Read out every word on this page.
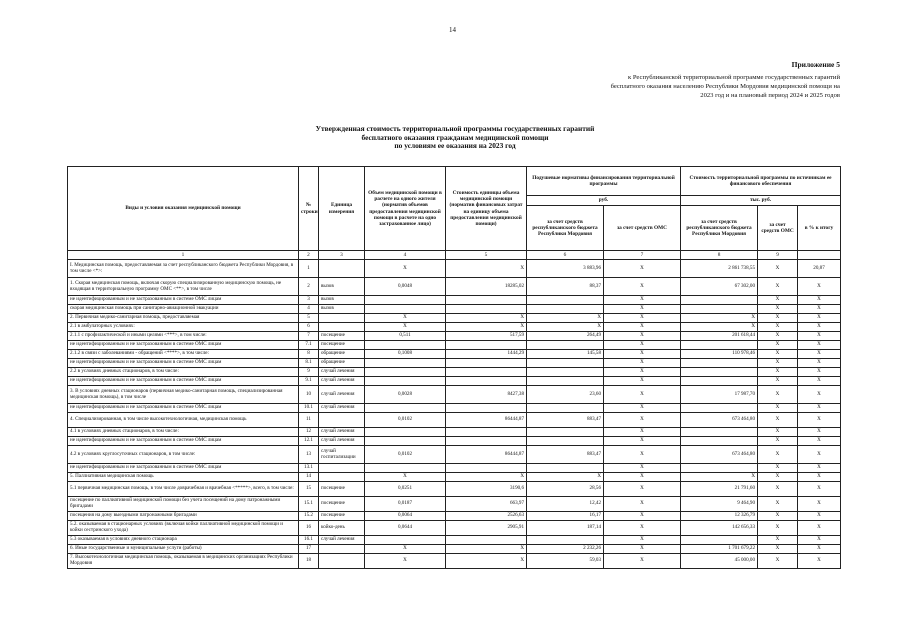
14
Приложение 5
к Республиканской территориальной программе государственных гарантий бесплатного оказания населению Республики Мордовия медицинской помощи на 2023 год и на плановый период 2024 и 2025 годов
Утвержденная стоимость территориальной программы государственных гарантий
бесплатного оказания гражданам медицинской помощи
по условиям ее оказания на 2023 год
Виды и условия оказания медицинской помощи	№ строки	Единица измерения	Объем медицинской помощи в расчете на одного жителя (норматив объемов предоставления медицинской помощи в расчете на одно застрахованное лицо)	Стоимость единицы объема медицинской помощи (норматив финансовых затрат на единицу объема предоставления медицинской помощи)	Подушевые нормативы финансирования территориальной программы		Стоимость территориальной программы по источникам ее финансового обеспечения		
					руб.		тыс. руб.		
					за счет средств республиканского бюджета Республики Мордовия	за счет средств ОМС	за счет средств республиканского бюджета Республики Мордовия	за счет средств ОМС	в % к итогу
1	2	3	4	5	6	7	8	9	
I. Медицинская помощь, предоставляемая за счет республиканского бюджета Республики Мордовия, в том числе <*>:	1		X	X	3 883,96	X	2 861 738,55	X	20,87
1. Скорая медицинская помощь, включая скорую специализированную медицинскую помощь, не входящая в территориальную программу ОМС <**>, в том числе	2	вызов	0,0048	18285,02	88,37	X	67 302,00	X	X
не идентифицированным и не застрахованным в системе ОМС лицам	3	вызов				X		X	X
скорая медицинская помощь при санитарно-авиационной эвакуации	4	вызов				X		X	X
2. Первичная медико-санитарная помощь, предоставляемая	5		X	X	X	X	X	X	X
2.1 в амбулаторных условиях:	6		X	X	X	X	X	X	X
2.1.1 с профилактической и иными целями <***>, в том числе:	7	посещение	0,511	517,59	264,49	X	201 618,44	X	X
не идентифицированным и не застрахованным в системе ОМС лицам	7.1	посещение				X		X	X
2.1.2 в связи с заболеваниями - обращений <****>, в том числе:	8	обращение	0,1008	1444,29	145,58	X	110 978,46	X	X
не идентифицированным и не застрахованным в системе ОМС лицам	8.1	обращение				X		X	X
2.2 в условиях дневных стационаров, в том числе:	9	случай лечения				X		X	X
не идентифицированным и не застрахованным в системе ОМС лицам	9.1	случай лечения				X		X	X
3. В условиях дневных стационаров (первичная медико-санитарная помощь, специализированная медицинская помощь), в том числе	10	случай лечения	0,0028	8427,38	23,60	X	17 987,70	X	X
не идентифицированным и не застрахованным в системе ОМС лицам	10.1	случай лечения				X		X	X
4. Специализированная, в том числе высокотехнологичная, медицинская помощь	11		0,0102	86444,87	883,47	X	673 464,80	X	X
4.1 в условиях дневных стационаров, в том числе:	12	случай лечения				X		X	X
не идентифицированным и не застрахованным в системе ОМС лицам	12.1	случай лечения				X		X	X
4.2 в условиях круглосуточных стационаров, в том числе:	13	случай госпитализации	0,0102	86444,87	883,47	X	673 464,80	X	X
не идентифицированным и не застрахованным в системе ОМС лицам	13.1					X		X	X
5. Паллиативная медицинская помощь	14		X	X	X	X	X	X	X
5.1 первичная медицинская помощь, в том числе доврачебная и врачебная <*****>, всего, в том числе:	15	посещение	0,0251	3190,6	28,56	X	21 791,60	X	X
посещение по паллиативной медицинской помощи без учета посещений на дому патронажными бригадами	15.1	посещение	0,0187	663,97	12,42	X	9 464,90	X	X
посещения на дому выездными патронажными бригадами	15.2	посещение	0,0064	2526,63	16,17	X	12 326,79	X	X
5.2. оказываемая в стационарных условиях (включая койки паллиативной медицинской помощи и койки сестринского ухода)	16	койко-день	0,0644	2905,91	187,14	X	142 656,33	X	X
5.3 оказываемая в условиях дневного стационара	16.1	случай лечения				X		X	X
6. Иные государственные и муниципальные услуги (работы)	17		X	X	2 232,26	X	1 701 679,22	X	X
7. Высокотехнологичная медицинская помощь, оказываемая в медицинских организациях Республики Мордовия	18		X	X	59,03	X	45 000,00	X	X
